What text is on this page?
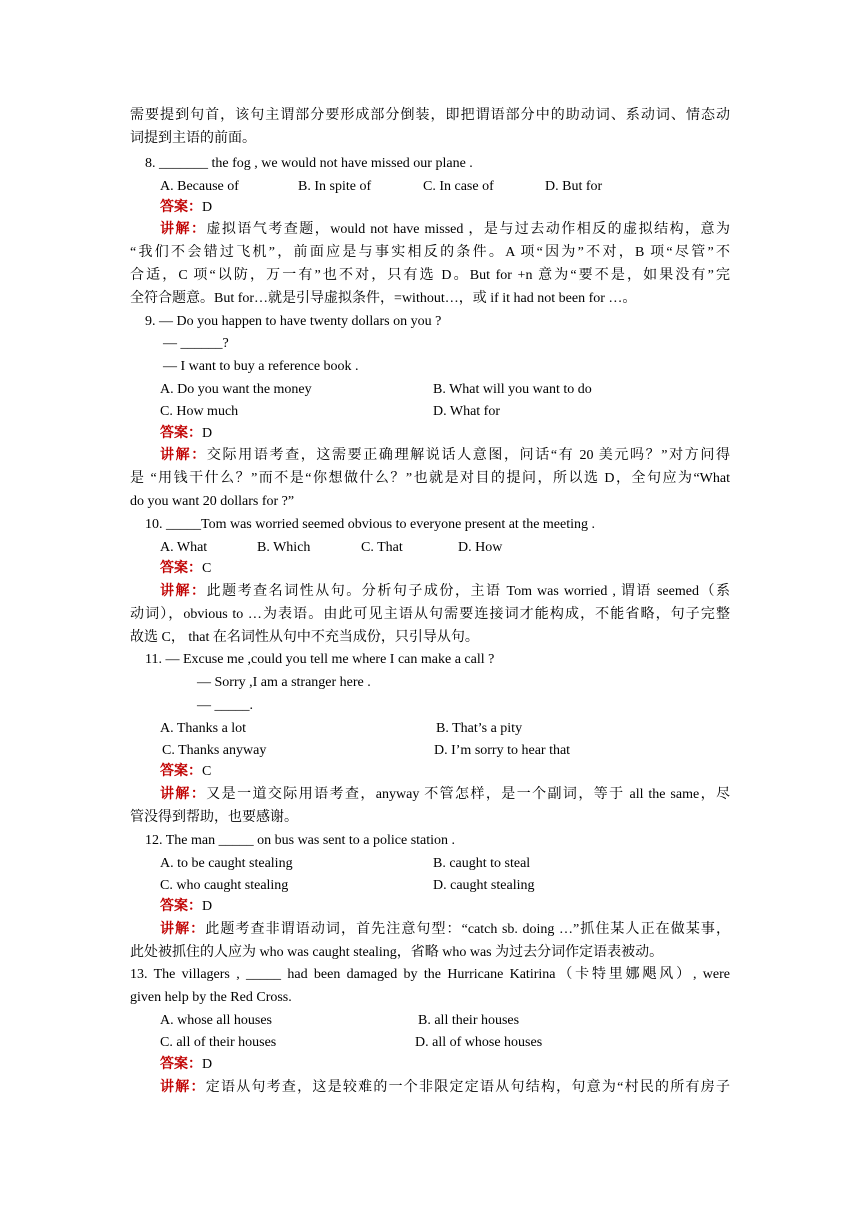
需要提到句首，该句主谓部分要形成部分倒装，即把谓语部分中的助动词、系动词、情态动
词提到主语的前面。
8. _______ the fog , we would not have missed our plane .
A. Because of	B. In spite of	C. In case of	D. But for
答案：D
讲解：虚拟语气考查题，would not have missed ，是与过去动作相反的虚拟结构，意为
“我们不会错过飞机”，前面应是与事实相反的条件。A 项“因为”不对，B 项“尽管”不
合适，C 项“以防，万一有”也不对，只有选 D。But for +n 意为“要不是，如果没有”完
全符合题意。But for…就是引导虚拟条件，=without…，或 if it had not been for …。
9. — Do you happen to have twenty dollars on you ?
— ______?
— I want to buy a reference book .
A. Do you want the money	B. What will you want to do
C. How much	D. What for
答案：D
讲解：交际用语考查，这需要正确理解说话人意图，问话“有 20 美元吗？”对方问得
是 “用钱干什么？”而不是“你想做什么？”也就是对目的提问，所以选 D，全句应为“What
do you want 20 dollars for ?”
10. _____Tom was worried seemed obvious to everyone present at the meeting .
A. What	B. Which	C. That	D. How
答案：C
讲解：此题考查名词性从句。分析句子成份，主语 Tom was worried , 谓语 seemed（系
动词），obvious to …为表语。由此可见主语从句需要连接词才能构成，不能省略，句子完整
故选 C， that 在名词性从句中不充当成份，只引导从句。
11. — Excuse me ,could you tell me where I can make a call ?
— Sorry ,I am a stranger here .
— _____.
A. Thanks a lot	B. That’s a pity
C. Thanks anyway	D. I’m sorry to hear that
答案：C
讲解：又是一道交际用语考查，anyway 不管怎样，是一个副词，等于 all the same，尽
管没得到帮助，也要感谢。
12. The man _____ on bus was sent to a police station .
A. to be caught stealing	B. caught to steal
C. who caught stealing	D. caught stealing
答案：D
讲解：此题考查非谓语动词，首先注意句型：“catch sb. doing …”抓住某人正在做某事，
此处被抓住的人应为 who was caught stealing，省略 who was 为过去分词作定语表被动。
13. The villagers , _____ had been damaged by the Hurricane Katirina（卡特里娜飓风）, were
given help by the Red Cross.
A. whose all houses	B. all their houses
C. all of their houses	D. all of whose houses
答案：D
讲解：定语从句考查，这是较难的一个非限定定语从句结构，句意为“村民的所有房子
